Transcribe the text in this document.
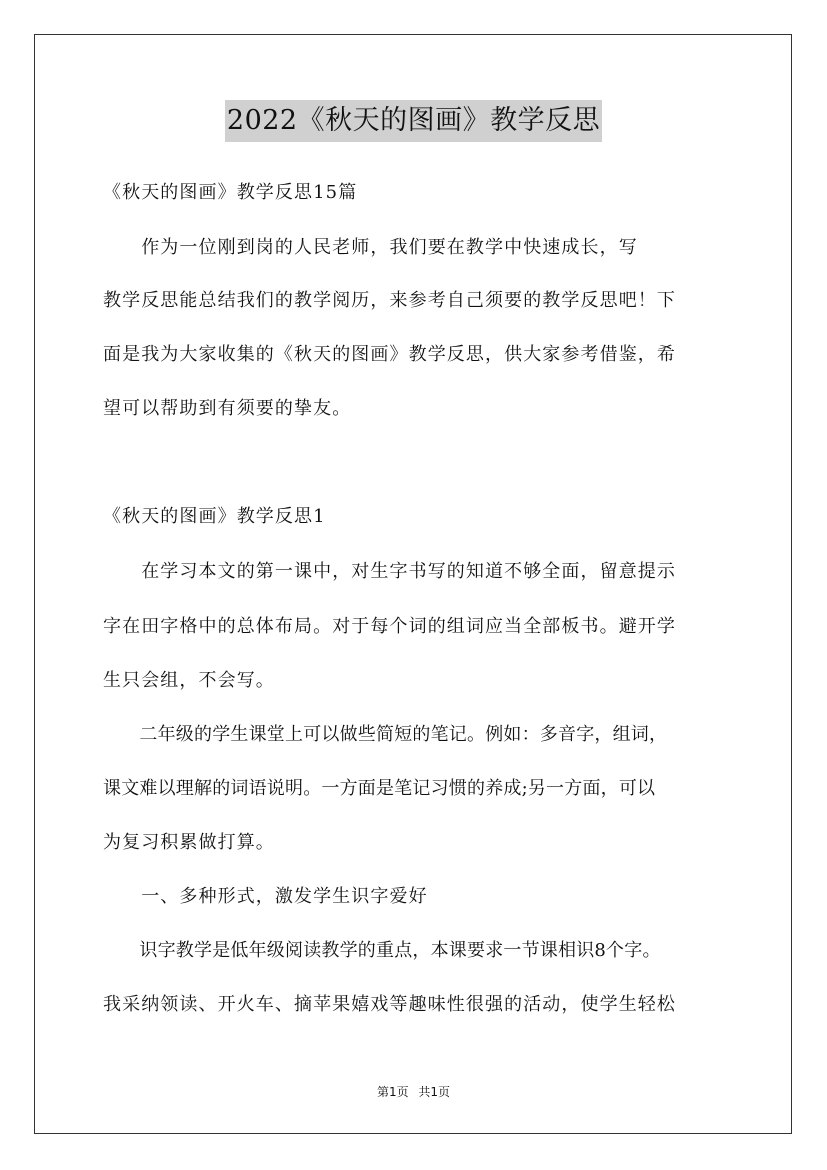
2022《秋天的图画》教学反思
《秋天的图画》教学反思15篇
　　作为一位刚到岗的人民老师，我们要在教学中快速成长，写
教学反思能总结我们的教学阅历，来参考自己须要的教学反思吧！下
面是我为大家收集的《秋天的图画》教学反思，供大家参考借鉴，希
望可以帮助到有须要的挚友。
《秋天的图画》教学反思1
　　在学习本文的第一课中，对生字书写的知道不够全面，留意提示
字在田字格中的总体布局。对于每个词的组词应当全部板书。避开学
生只会组，不会写。
　　二年级的学生课堂上可以做些简短的笔记。例如：多音字，组词，
课文难以理解的词语说明。一方面是笔记习惯的养成;另一方面，可以
为复习积累做打算。
　　一、多种形式，激发学生识字爱好
　　识字教学是低年级阅读教学的重点，本课要求一节课相识8个字。
我采纳领读、开火车、摘苹果嬉戏等趣味性很强的活动，使学生轻松
第1页 共1页
